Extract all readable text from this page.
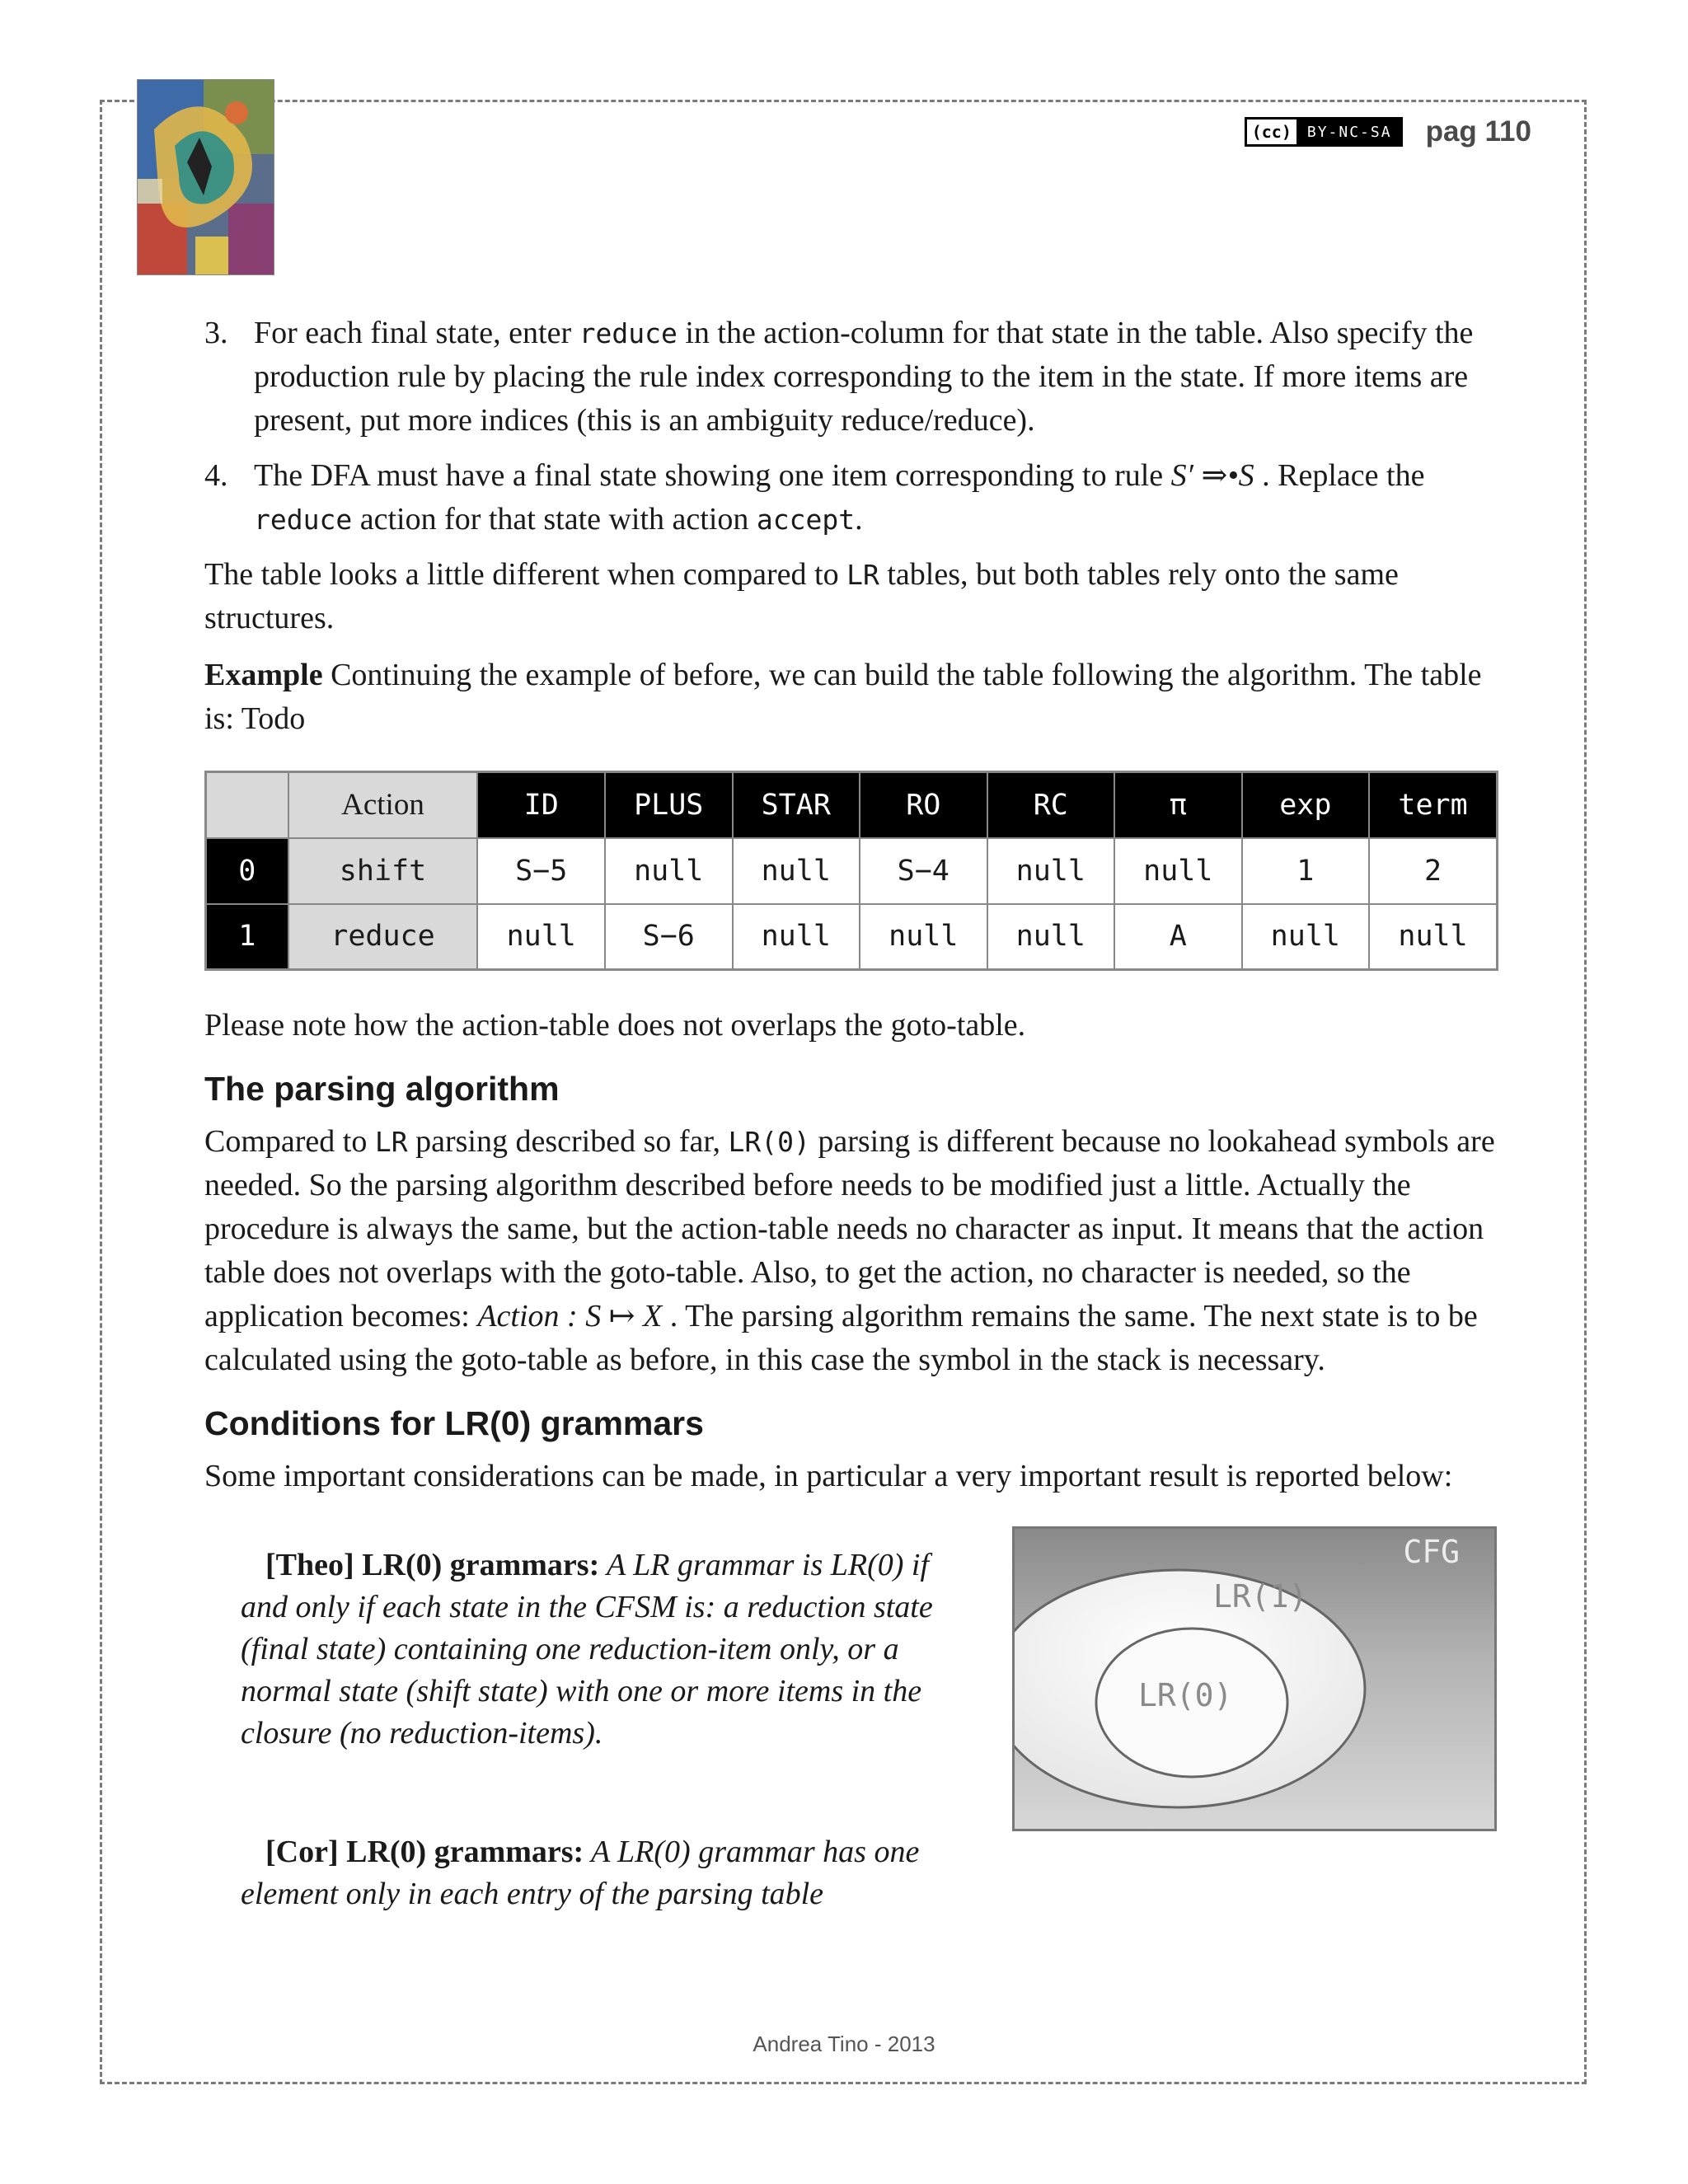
(cc)	BY-NC-SA pag 110
3. For each final state, enter reduce in the action-column for that state in the table. Also specify the production rule by placing the rule index corresponding to the item in the state. If more items are present, put more indices (this is an ambiguity reduce/reduce).
4. The DFA must have a final state showing one item corresponding to rule S′ ⇒•S . Replace the reduce action for that state with action accept.

The table looks a little different when compared to LR tables, but both tables rely onto the same structures.

Example Continuing the example of before, we can build the table following the algorithm. The table is: Todo

	Action	ID	PLUS	STAR	RO	RC	π	exp	term
0	shift	S−5	null	null	S−4	null	null	1	2
1	reduce	null	S−6	null	null	null	A	null	null

Please note how the action-table does not overlaps the goto-table.

The parsing algorithm

Compared to LR parsing described so far, LR(0) parsing is different because no lookahead symbols are needed. So the parsing algorithm described before needs to be modified just a little. Actually the procedure is always the same, but the action-table needs no character as input. It means that the action table does not overlaps with the goto-table. Also, to get the action, no character is needed, so the application becomes: Action : S ↦ X . The parsing algorithm remains the same. The next state is to be calculated using the goto-table as before, in this case the symbol in the stack is necessary.

Conditions for LR(0) grammars

Some important considerations can be made, in particular a very important result is reported below:

[Theo] LR(0) grammars: A LR grammar is LR(0) if and only if each state in the CFSM is: a reduction state (final state) containing one reduction-item only, or a normal state (shift state) with one or more items in the closure (no reduction-items).
[Cor] LR(0) grammars: A LR(0) grammar has one element only in each entry of the parsing table
CFG
LR(1)
LR(0)
Andrea Tino - 2013
